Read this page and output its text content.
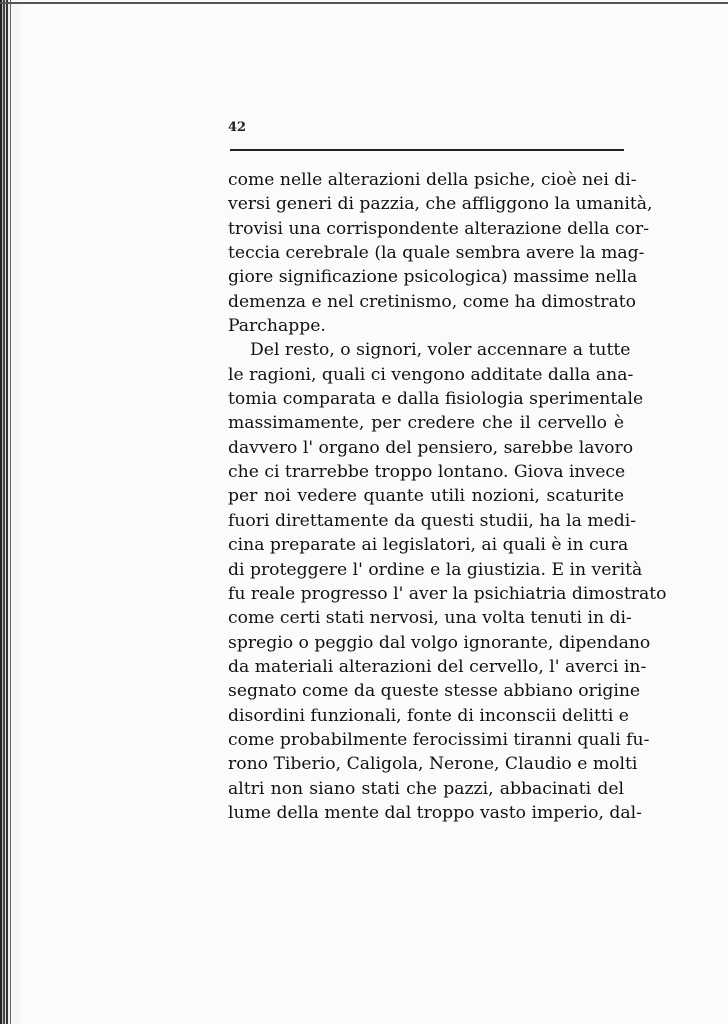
42
come nelle alterazioni della psiche, cioè nei di-
versi generi di pazzia, che affliggono la umanità,
trovisi una corrispondente alterazione della cor-
teccia cerebrale (la quale sembra avere la mag-
giore significazione psicologica) massime nella
demenza e nel cretinismo, come ha dimostrato
Parchappe.
Del resto, o signori, voler accennare a tutte
le ragioni, quali ci vengono additate dalla ana-
tomia comparata e dalla fisiologia sperimentale
massimamente, per credere che il cervello è
davvero l' organo del pensiero, sarebbe lavoro
che ci trarrebbe troppo lontano. Giova invece
per noi vedere quante utili nozioni, scaturite
fuori direttamente da questi studii, ha la medi-
cina preparate ai legislatori, ai quali è in cura
di proteggere l' ordine e la giustizia. E in verità
fu reale progresso l' aver la psichiatria dimostrato
come certi stati nervosi, una volta tenuti in di-
spregio o peggio dal volgo ignorante, dipendano
da materiali alterazioni del cervello, l' averci in-
segnato come da queste stesse abbiano origine
disordini funzionali, fonte di inconscii delitti e
come probabilmente ferocissimi tiranni quali fu-
rono Tiberio, Caligola, Nerone, Claudio e molti
altri non siano stati che pazzi, abbacinati del
lume della mente dal troppo vasto imperio, dal-
